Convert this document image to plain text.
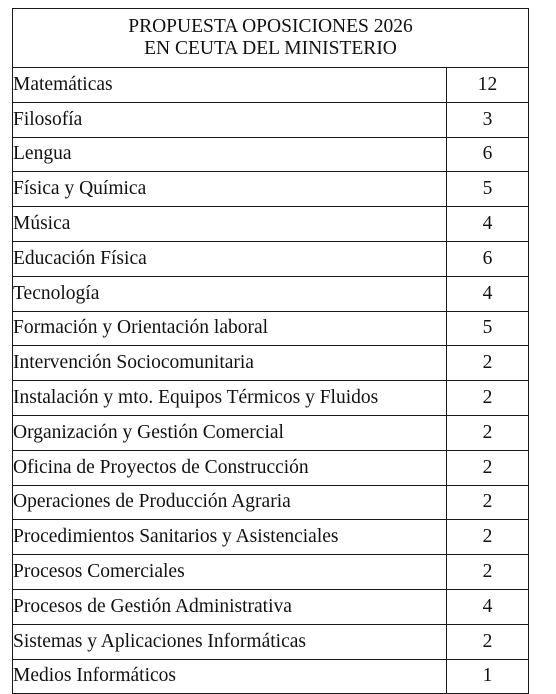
PROPUESTA OPOSICIONES 2026
EN CEUTA DEL MINISTERIO	

Matemáticas	12
Filosofía	3
Lengua	6
Física y Química	5
Música	4
Educación Física	6
Tecnología	4
Formación y Orientación laboral	5
Intervención Sociocomunitaria	2
Instalación y mto. Equipos Térmicos y Fluidos	2
Organización y Gestión Comercial	2
Oficina de Proyectos de Construcción	2
Operaciones de Producción Agraria	2
Procedimientos Sanitarios y Asistenciales	2
Procesos Comerciales	2
Procesos de Gestión Administrativa	4
Sistemas y Aplicaciones Informáticas	2
Medios Informáticos	1
